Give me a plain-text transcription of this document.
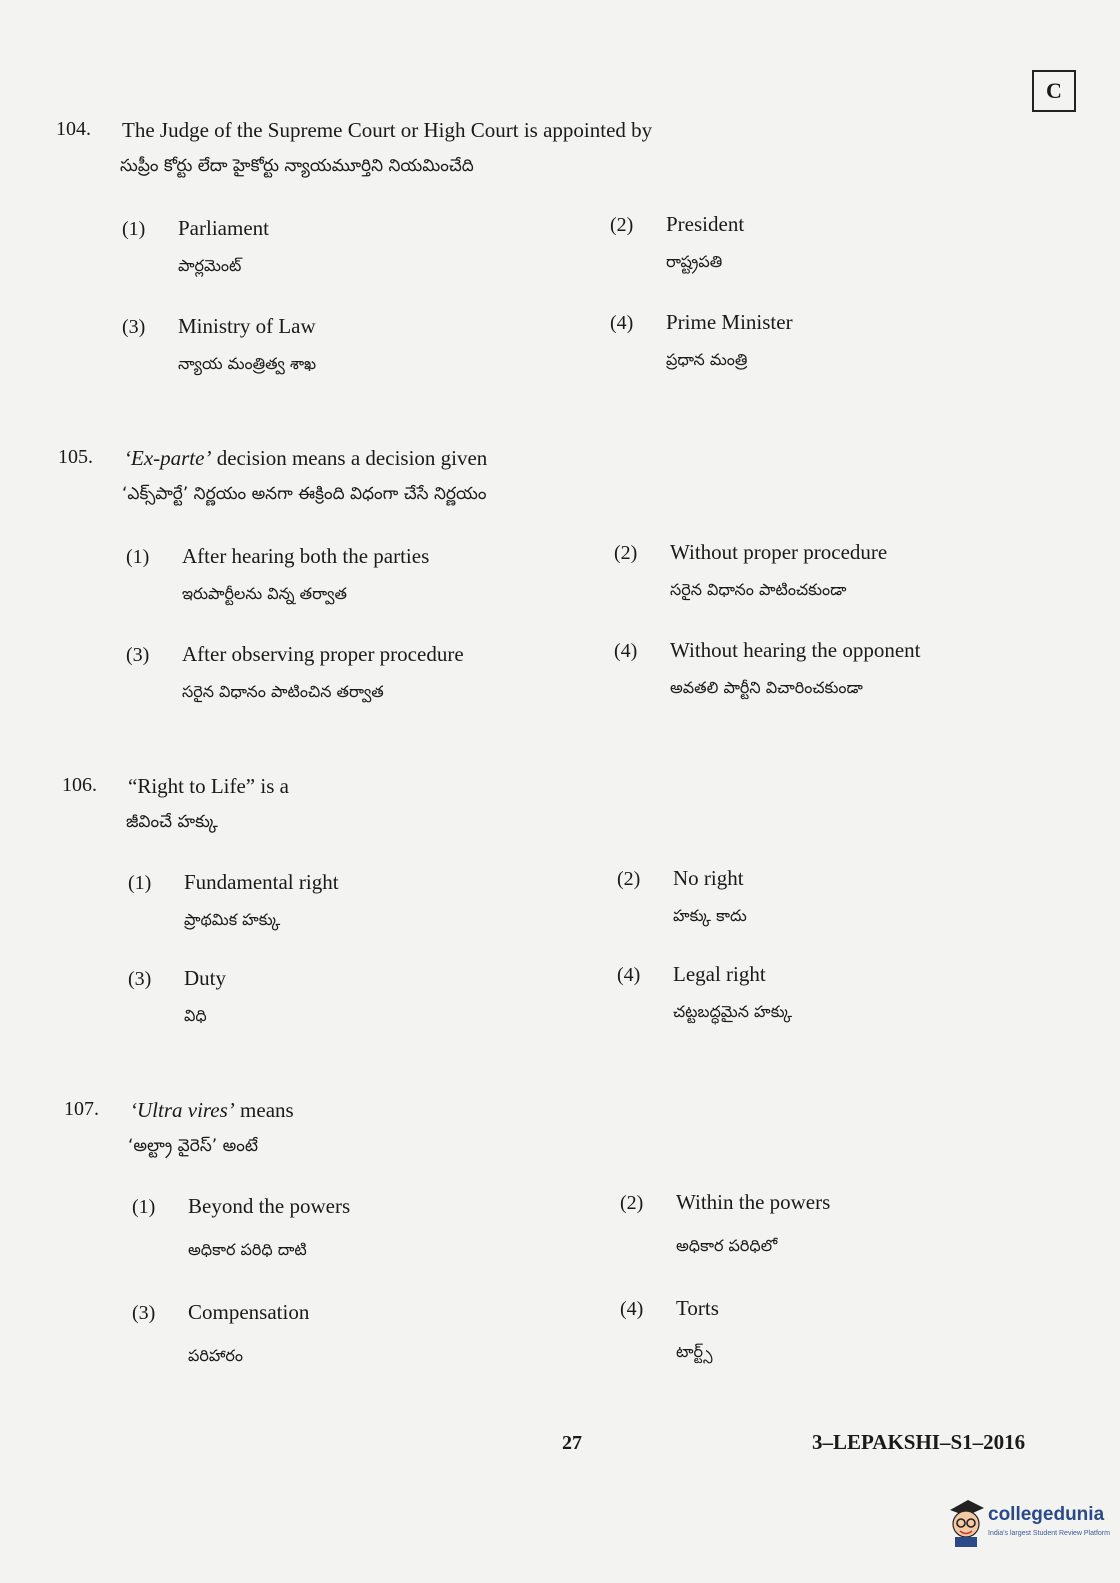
C
104. The Judge of the Supreme Court or High Court is appointed by
సుప్రీం కోర్టు లేదా హైకోర్టు న్యాయమూర్తిని నియమించేది
(1) Parliament
పార్లమెంట్
(2) President
రాష్ట్రపతి
(3) Ministry of Law
న్యాయ మంత్రిత్వ శాఖ
(4) Prime Minister
ప్రధాన మంత్రి
105. ‘Ex-parte’ decision means a decision given
‘ఎక్స్‌పార్టే’ నిర్ణయం అనగా ఈక్రింది విధంగా చేసే నిర్ణయం
(1) After hearing both the parties
ఇరుపార్టీలను విన్న తర్వాత
(2) Without proper procedure
సరైన విధానం పాటించకుండా
(3) After observing proper procedure
సరైన విధానం పాటించిన తర్వాత
(4) Without hearing the opponent
అవతలి పార్టీని విచారించకుండా
106. “Right to Life” is a
జీవించే హక్కు
(1) Fundamental right
ప్రాథమిక హక్కు
(2) No right
హక్కు కాదు
(3) Duty
విధి
(4) Legal right
చట్టబద్ధమైన హక్కు
107. ‘Ultra vires’ means
‘అల్ట్రా వైరెస్’ అంటే
(1) Beyond the powers
అధికార పరిధి దాటి
(2) Within the powers
అధికార పరిధిలో
(3) Compensation
పరిహారం
(4) Torts
టార్ట్స్
27	3–LEPAKSHI–S1–2016
collegedunia
India's largest Student Review Platform
